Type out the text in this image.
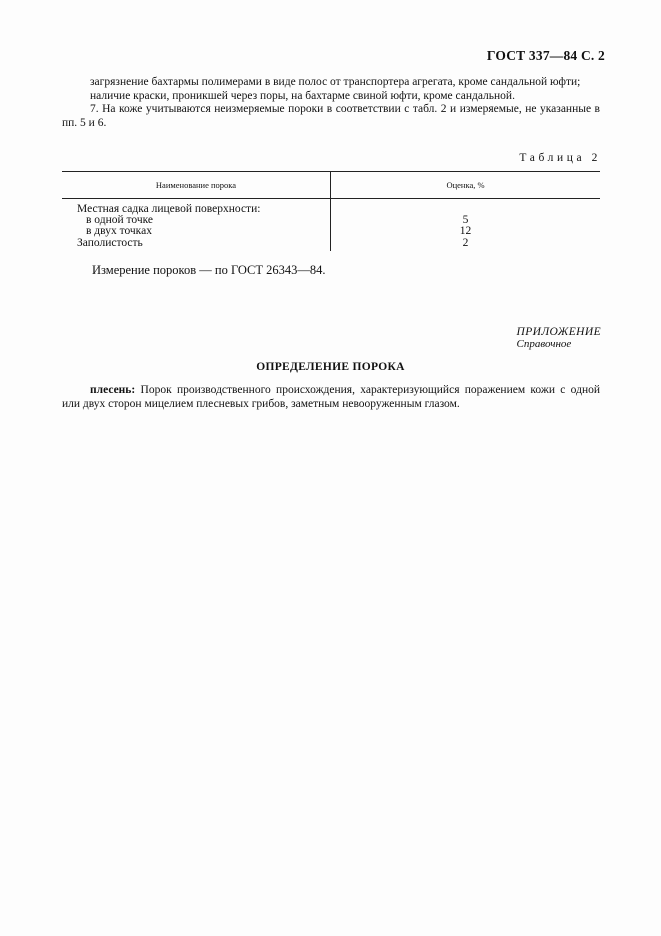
ГОСТ 337—84 С. 2

загрязнение бахтармы полимерами в виде полос от транспортера агрегата, кроме сандальной юфти;

наличие краски, проникшей через поры, на бахтарме свиной юфти, кроме сандальной.

7. На коже учитываются неизмеряемые пороки в соответствии с табл. 2 и измеряемые, не указанные в пп. 5 и 6.

Таблица 2
Наименование порока	Оценка, %
Местная садка лицевой поверхности:
в одной точке
в двух точках
Заполистость
5
12
2
Измерение пороков — по ГОСТ 26343—84.
ПРИЛОЖЕНИЕ
Справочное
ОПРЕДЕЛЕНИЕ ПОРОКА
плесень: Порок производственного происхождения, характеризующийся поражением кожи с одной или двух сторон мицелием плесневых грибов, заметным невооруженным глазом.
